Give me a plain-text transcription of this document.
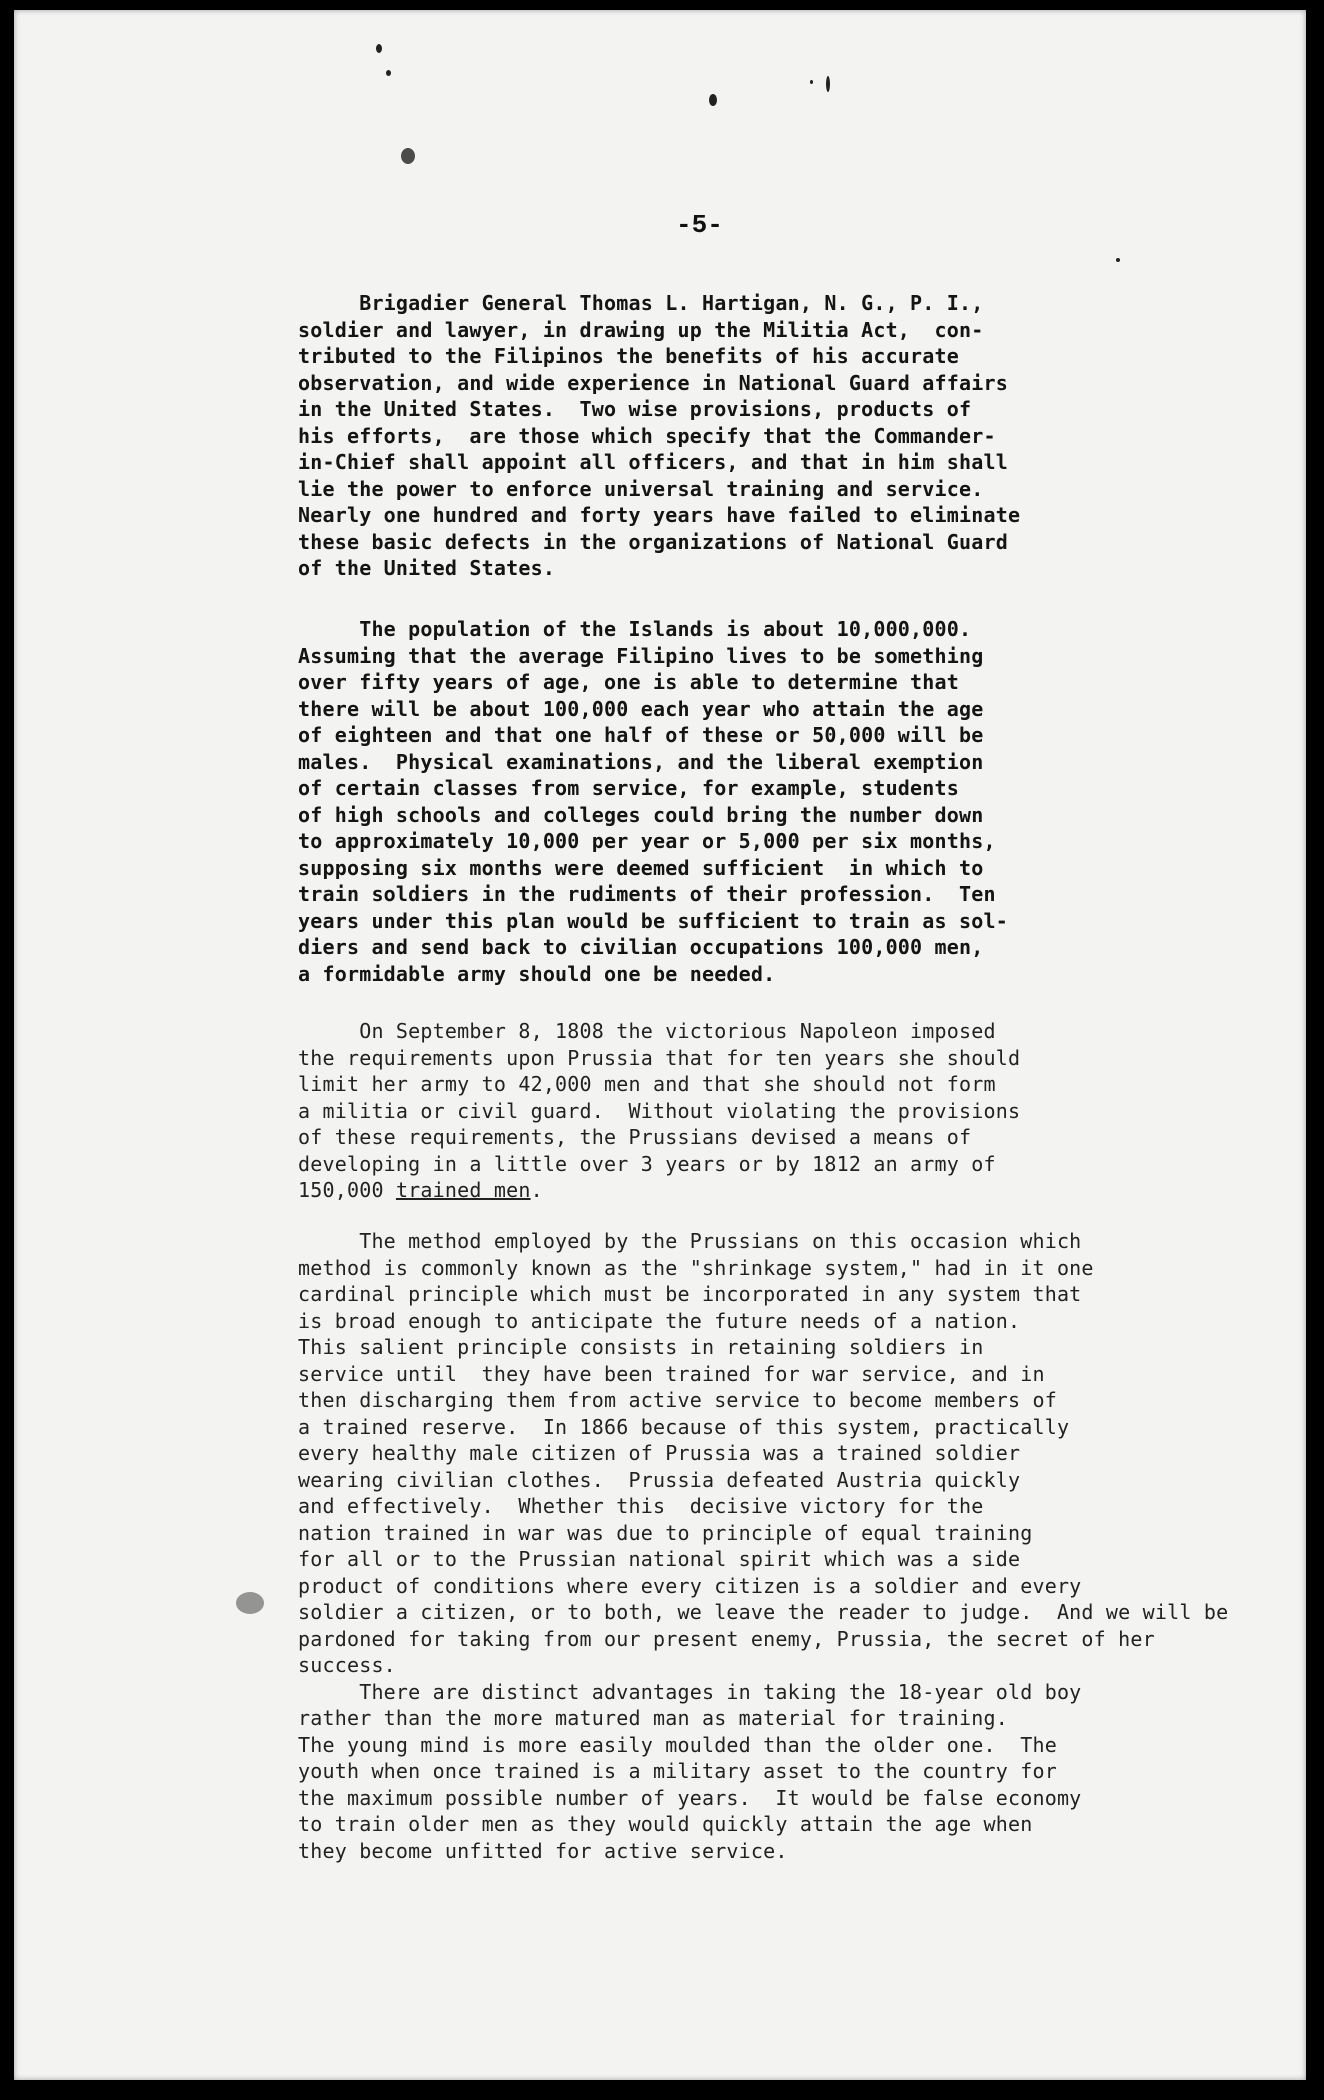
-5-
Brigadier General Thomas L. Hartigan, N. G., P. I.,
soldier and lawyer, in drawing up the Militia Act,  con-
tributed to the Filipinos the benefits of his accurate
observation, and wide experience in National Guard affairs
in the United States.  Two wise provisions, products of
his efforts,  are those which specify that the Commander-
in-Chief shall appoint all officers, and that in him shall
lie the power to enforce universal training and service.
Nearly one hundred and forty years have failed to eliminate
these basic defects in the organizations of National Guard
of the United States.

The population of the Islands is about 10,000,000.
Assuming that the average Filipino lives to be something
over fifty years of age, one is able to determine that
there will be about 100,000 each year who attain the age
of eighteen and that one half of these or 50,000 will be
males.  Physical examinations, and the liberal exemption
of certain classes from service, for example, students
of high schools and colleges could bring the number down
to approximately 10,000 per year or 5,000 per six months,
supposing six months were deemed sufficient  in which to
train soldiers in the rudiments of their profession.  Ten
years under this plan would be sufficient to train as sol-
diers and send back to civilian occupations 100,000 men,
a formidable army should one be needed.

On September 8, 1808 the victorious Napoleon imposed
the requirements upon Prussia that for ten years she should
limit her army to 42,000 men and that she should not form
a militia or civil guard.  Without violating the provisions
of these requirements, the Prussians devised a means of
developing in a little over 3 years or by 1812 an army of
150,000 trained men.
The method employed by the Prussians on this occasion which
method is commonly known as the "shrinkage system," had in it one
cardinal principle which must be incorporated in any system that
is broad enough to anticipate the future needs of a nation.
This salient principle consists in retaining soldiers in
service until  they have been trained for war service, and in
then discharging them from active service to become members of
a trained reserve.  In 1866 because of this system, practically
every healthy male citizen of Prussia was a trained soldier
wearing civilian clothes.  Prussia defeated Austria quickly
and effectively.  Whether this  decisive victory for the
nation trained in war was due to principle of equal training
for all or to the Prussian national spirit which was a side
product of conditions where every citizen is a soldier and every
soldier a citizen, or to both, we leave the reader to judge.  And we will be
pardoned for taking from our present enemy, Prussia, the secret of her
success.
There are distinct advantages in taking the 18-year old boy
rather than the more matured man as material for training.
The young mind is more easily moulded than the older one.  The
youth when once trained is a military asset to the country for
the maximum possible number of years.  It would be false economy
to train older men as they would quickly attain the age when
they become unfitted for active service.
